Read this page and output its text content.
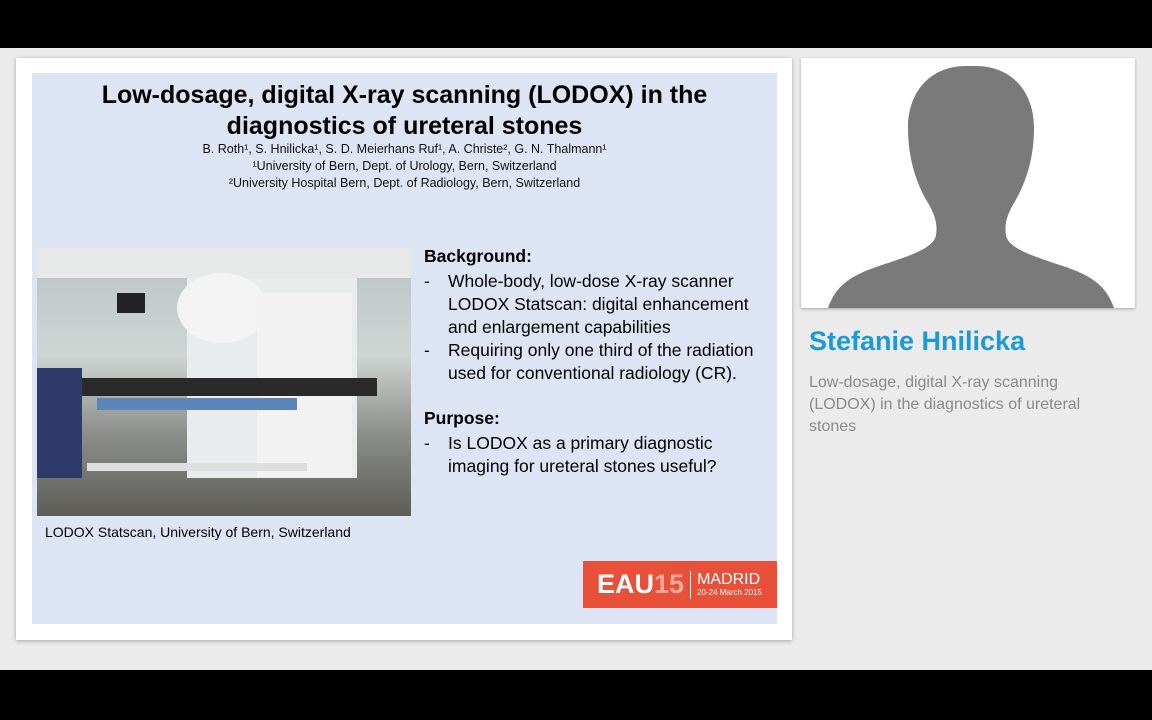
Low-dosage, digital X-ray scanning (LODOX) in the diagnostics of ureteral stones
B. Roth¹, S. Hnilicka¹, S. D. Meierhans Ruf¹, A. Christe², G. N. Thalmann¹
¹University of Bern, Dept. of Urology, Bern, Switzerland
²University Hospital Bern, Dept. of Radiology, Bern, Switzerland
LODOX Statscan, University of Bern, Switzerland
Background:
- Whole-body, low-dose X-ray scanner LODOX Statscan: digital enhancement and enlargement capabilities
- Requiring only one third of the radiation used for conventional radiology (CR).
Purpose:
- Is LODOX as a primary diagnostic imaging for ureteral stones useful?
EAU 15 MADRID
20-24 March 2015
Stefanie Hnilicka
Low-dosage, digital X-ray scanning (LODOX) in the diagnostics of ureteral stones
